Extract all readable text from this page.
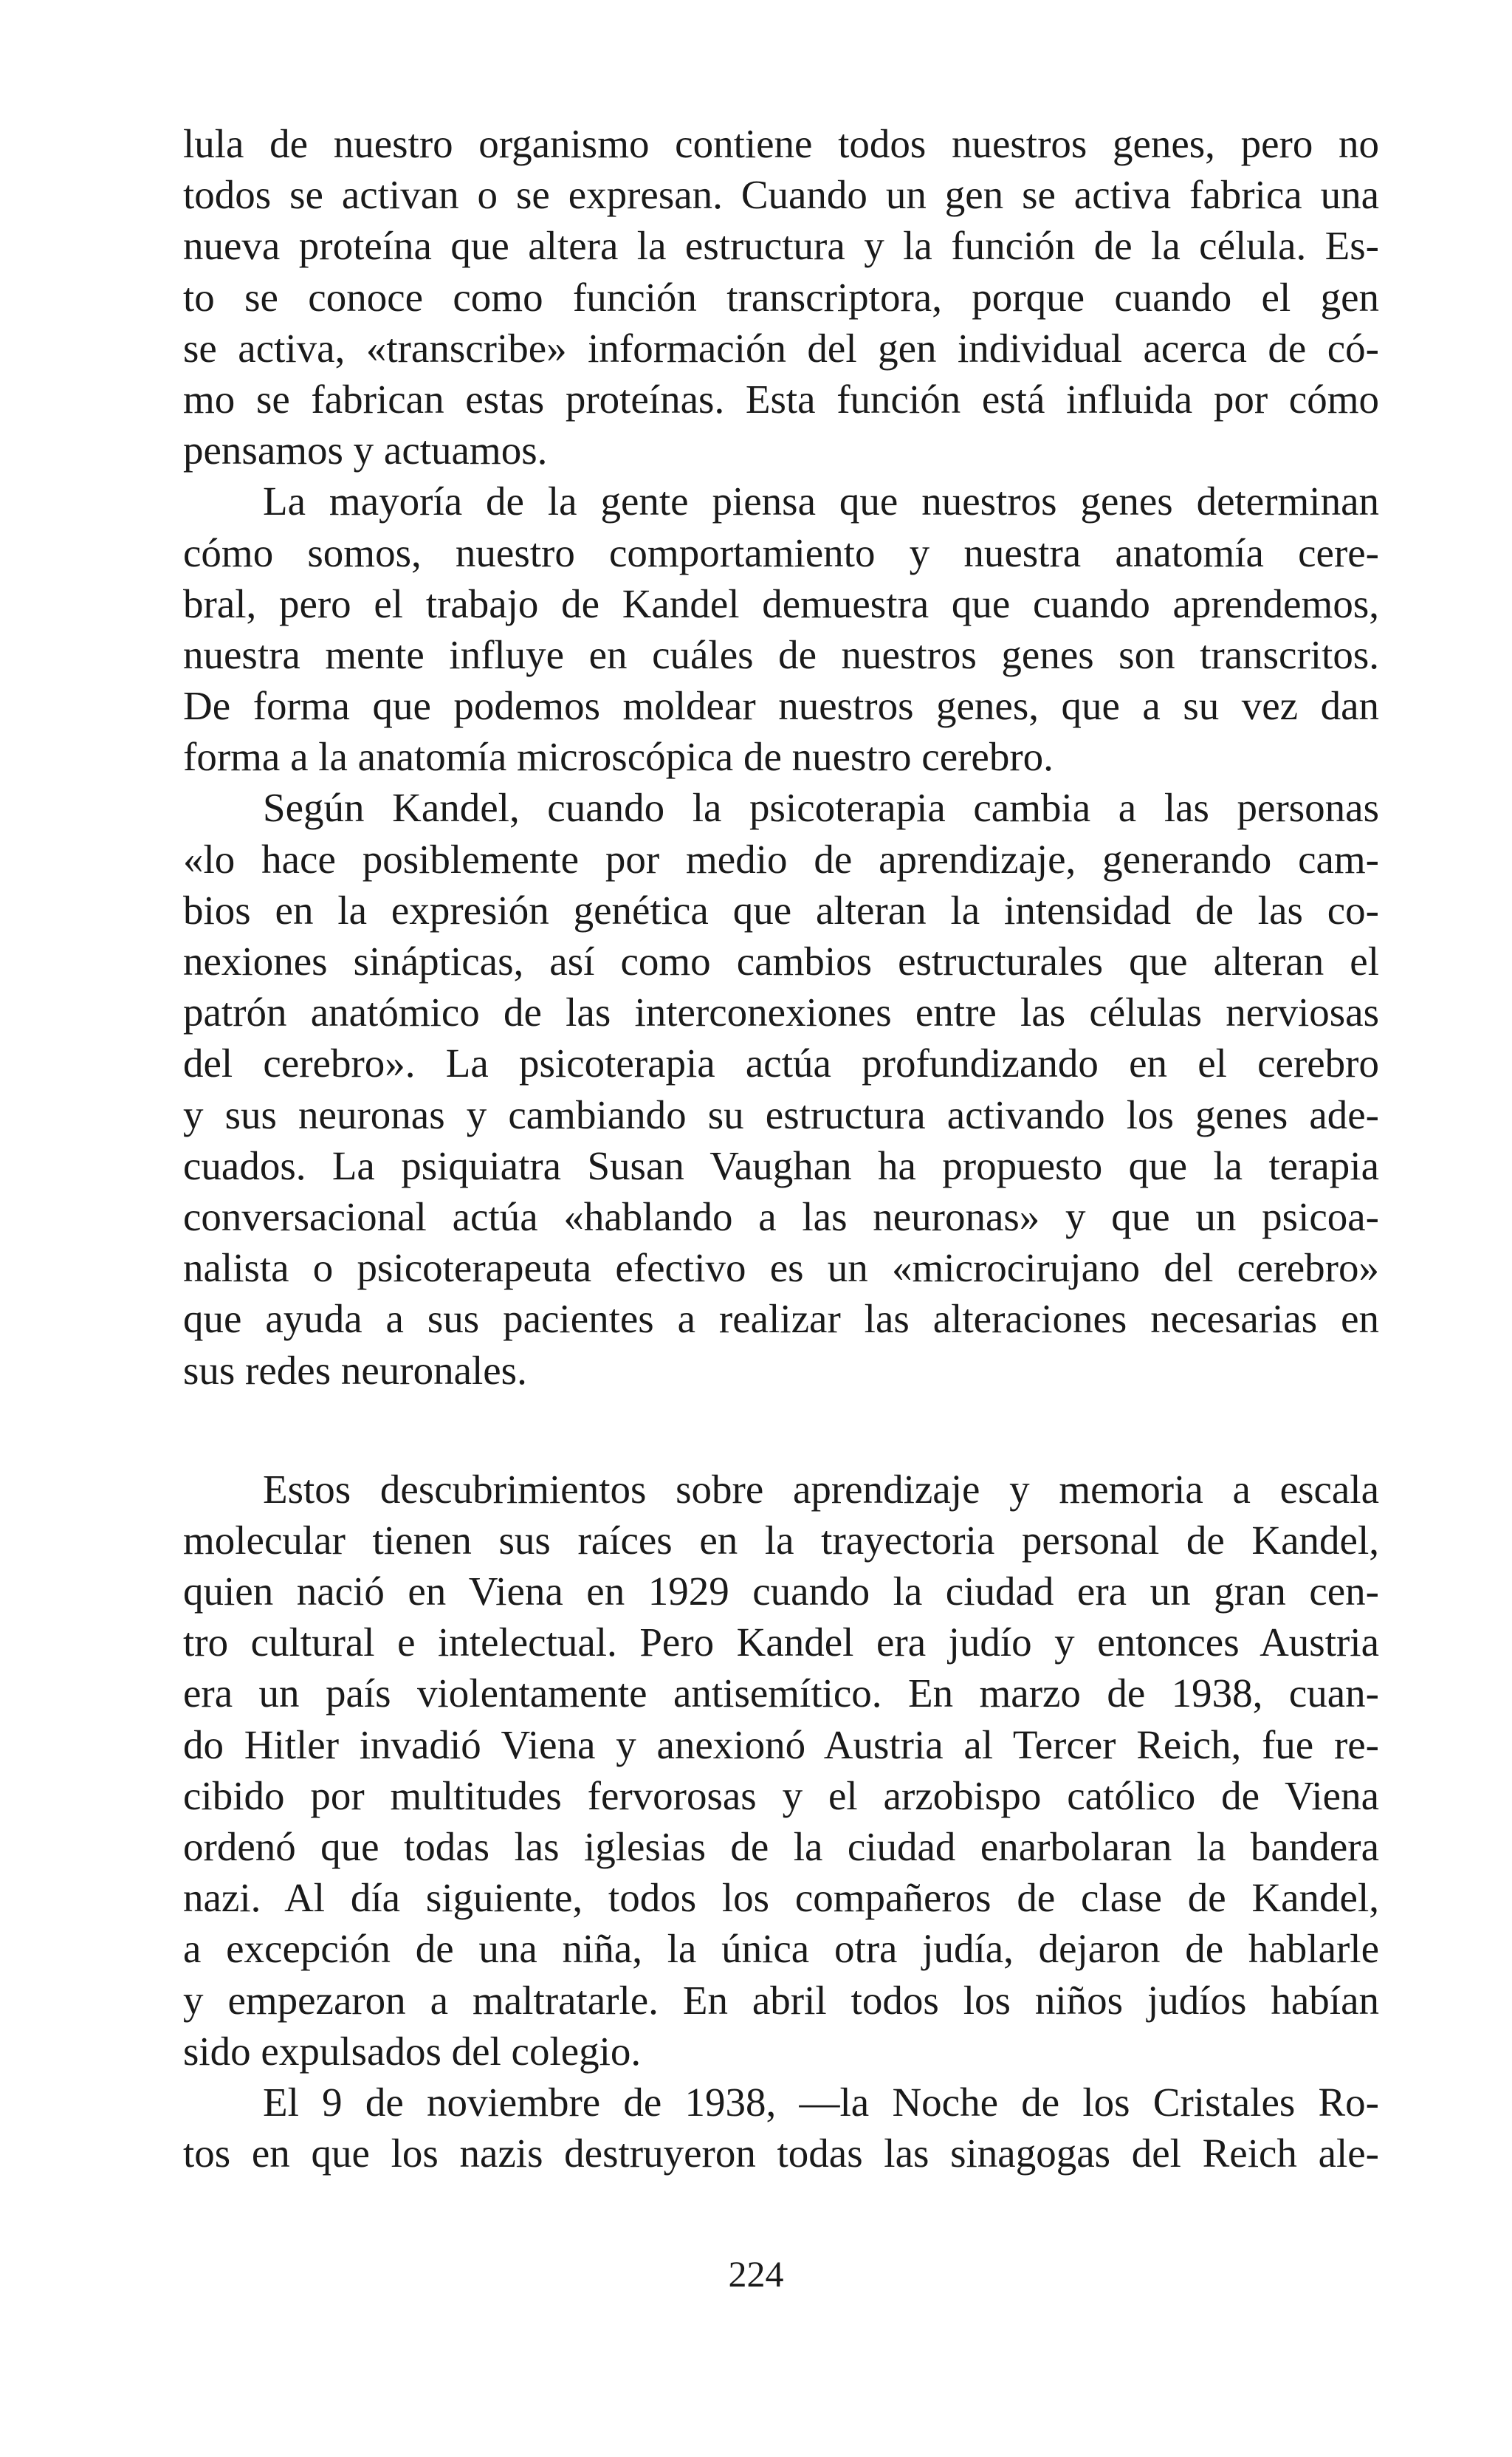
lula de nuestro organismo contiene todos nuestros genes, pero no
todos se activan o se expresan. Cuando un gen se activa fabrica una
nueva proteína que altera la estructura y la función de la célula. Es-
to se conoce como función transcriptora, porque cuando el gen
se activa, «transcribe» información del gen individual acerca de có-
mo se fabrican estas proteínas. Esta función está influida por cómo
pensamos y actuamos.
La mayoría de la gente piensa que nuestros genes determinan
cómo somos, nuestro comportamiento y nuestra anatomía cere-
bral, pero el trabajo de Kandel demuestra que cuando aprendemos,
nuestra mente influye en cuáles de nuestros genes son transcritos.
De forma que podemos moldear nuestros genes, que a su vez dan
forma a la anatomía microscópica de nuestro cerebro.
Según Kandel, cuando la psicoterapia cambia a las personas
«lo hace posiblemente por medio de aprendizaje, generando cam-
bios en la expresión genética que alteran la intensidad de las co-
nexiones sinápticas, así como cambios estructurales que alteran el
patrón anatómico de las interconexiones entre las células nerviosas
del cerebro». La psicoterapia actúa profundizando en el cerebro
y sus neuronas y cambiando su estructura activando los genes ade-
cuados. La psiquiatra Susan Vaughan ha propuesto que la terapia
conversacional actúa «hablando a las neuronas» y que un psicoa-
nalista o psicoterapeuta efectivo es un «microcirujano del cerebro»
que ayuda a sus pacientes a realizar las alteraciones necesarias en
sus redes neuronales.
Estos descubrimientos sobre aprendizaje y memoria a escala
molecular tienen sus raíces en la trayectoria personal de Kandel,
quien nació en Viena en 1929 cuando la ciudad era un gran cen-
tro cultural e intelectual. Pero Kandel era judío y entonces Austria
era un país violentamente antisemítico. En marzo de 1938, cuan-
do Hitler invadió Viena y anexionó Austria al Tercer Reich, fue re-
cibido por multitudes fervorosas y el arzobispo católico de Viena
ordenó que todas las iglesias de la ciudad enarbolaran la bandera
nazi. Al día siguiente, todos los compañeros de clase de Kandel,
a excepción de una niña, la única otra judía, dejaron de hablarle
y empezaron a maltratarle. En abril todos los niños judíos habían
sido expulsados del colegio.
El 9 de noviembre de 1938, —la Noche de los Cristales Ro-
tos en que los nazis destruyeron todas las sinagogas del Reich ale-
224
